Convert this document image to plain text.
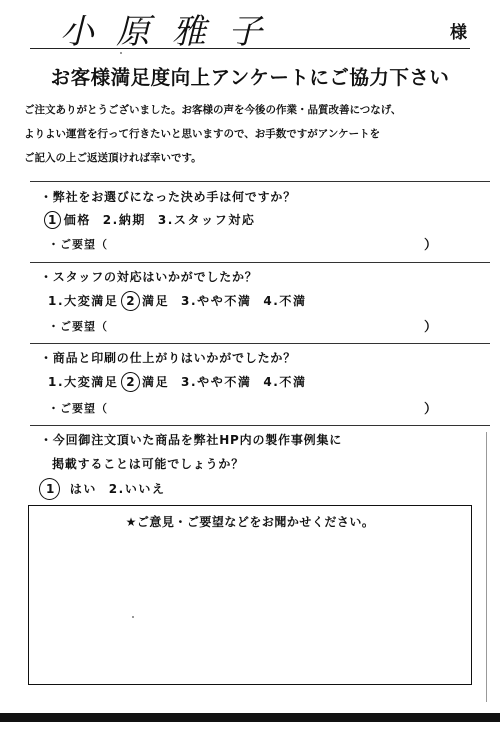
小原雅子	様
お客様満足度向上アンケートにご協力下さい
ご注文ありがとうございました。お客様の声を今後の作業・品質改善につなげ、
よりよい運営を行って行きたいと思いますので、お手数ですがアンケートを
ご記入の上ご返送頂ければ幸いです。
・弊社をお選びになった決め手は何ですか？
1 価格 2.納期 3.スタッフ対応
・ご要望（	）
・スタッフの対応はいかがでしたか？
1.大変満足 2 満足 3.やや不満 4.不満
・ご要望（	）
・商品と印刷の仕上がりはいかがでしたか？
1.大変満足 2 満足 3.やや不満 4.不満
・ご要望（	）
・今回御注文頂いた商品を弊社HP内の製作事例集に
掲載することは可能でしょうか？
1 はい 2.いいえ
★ご意見・ご要望などをお聞かせください。
